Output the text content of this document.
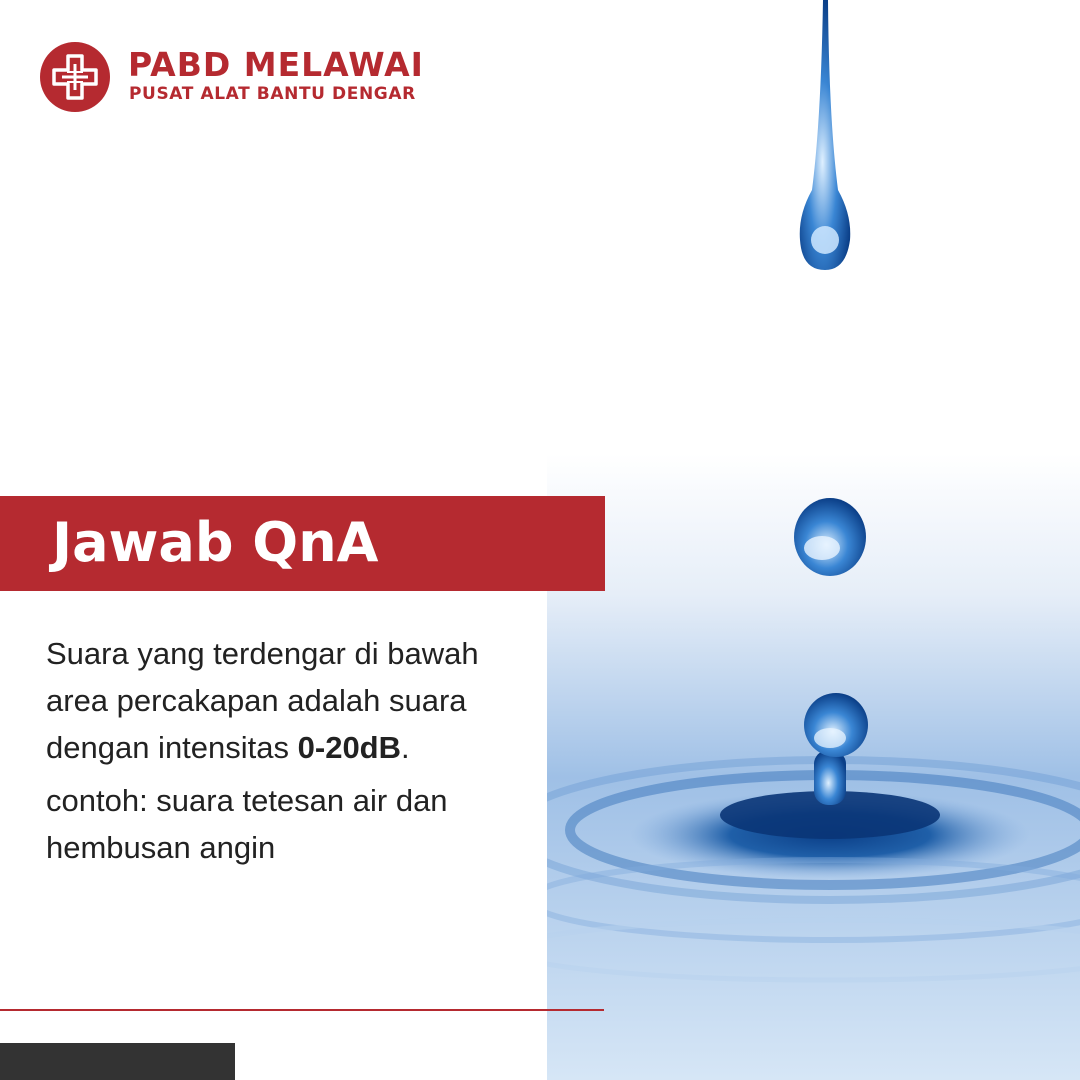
PABD MELAWAI
PUSAT ALAT BANTU DENGAR
Jawab QnA

Suara yang terdengar di bawah area percakapan adalah suara dengan intensitas 0-20dB.

contoh: suara tetesan air dan hembusan angin
